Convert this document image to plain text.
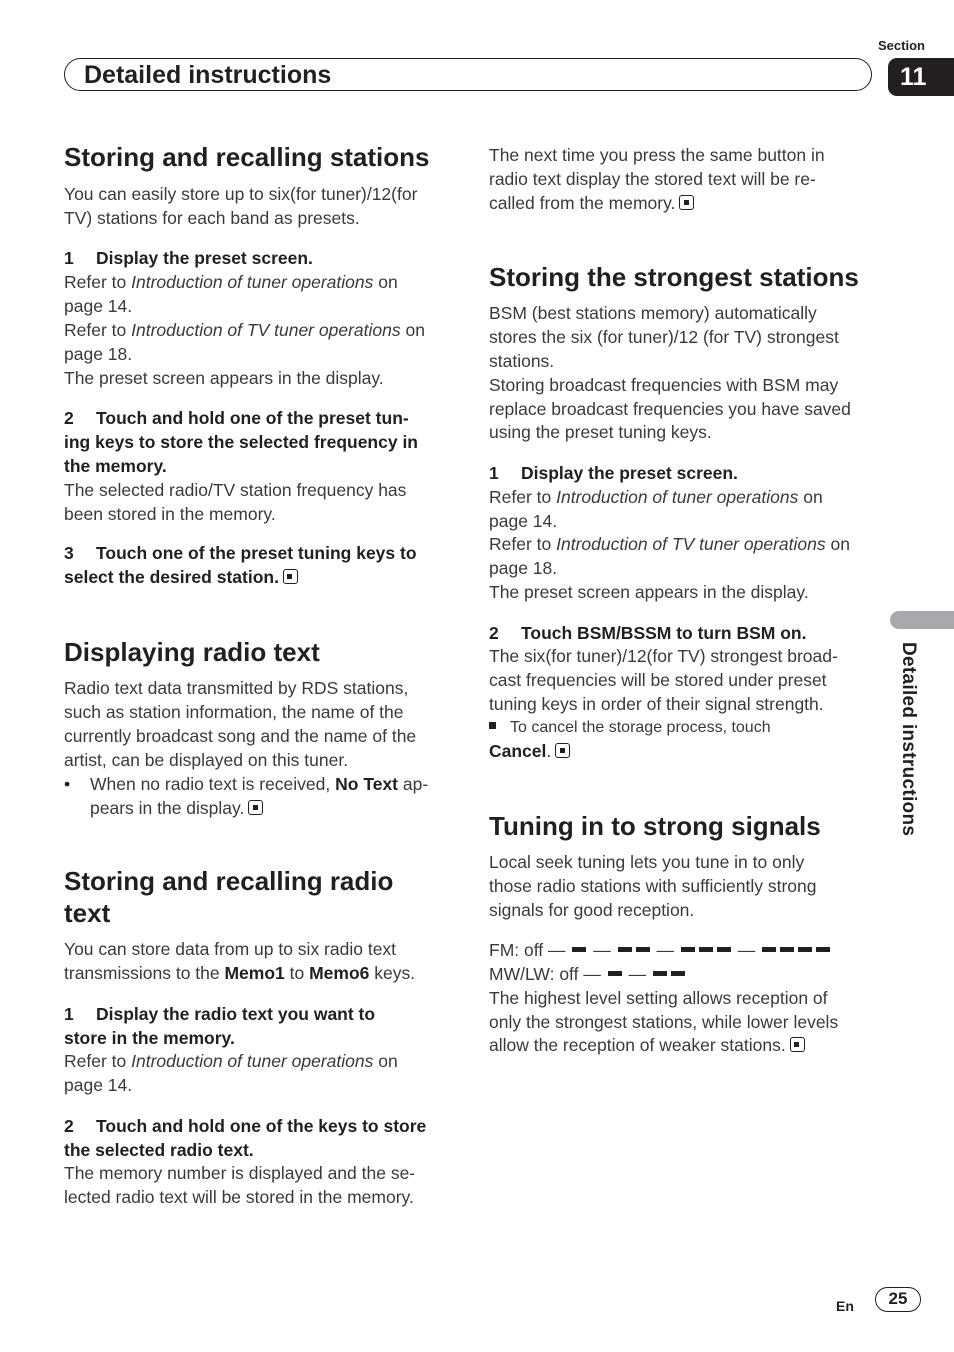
Detailed instructions
Section
11
Detailed instructions
Storing and recalling stations

You can easily store up to six(for tuner)/12(for

TV) stations for each band as presets.

1 Display the preset screen.

Refer to Introduction of tuner operations on

page 14.

Refer to Introduction of TV tuner operations on

page 18.

The preset screen appears in the display.

2 Touch and hold one of the preset tun-
ing keys to store the selected frequency in
the memory.

The selected radio/TV station frequency has

been stored in the memory.

3 Touch one of the preset tuning keys to
select the desired station.
Displaying radio text

Radio text data transmitted by RDS stations,

such as station information, the name of the

currently broadcast song and the name of the

artist, can be displayed on this tuner.

• When no radio text is received, No Text ap-

pears in the display.

Storing and recalling radio
text

You can store data from up to six radio text

transmissions to the Memo1 to Memo6 keys.

1 Display the radio text you want to
store in the memory.

Refer to Introduction of tuner operations on

page 14.

2 Touch and hold one of the keys to store
the selected radio text.

The memory number is displayed and the se-

lected radio text will be stored in the memory.

The next time you press the same button in

radio text display the stored text will be re-

called from the memory.

Storing the strongest stations

BSM (best stations memory) automatically

stores the six (for tuner)/12 (for TV) strongest

stations.

Storing broadcast frequencies with BSM may

replace broadcast frequencies you have saved

using the preset tuning keys.

1 Display the preset screen.

Refer to Introduction of tuner operations on

page 14.

Refer to Introduction of TV tuner operations on

page 18.

The preset screen appears in the display.

2 Touch BSM/BSSM to turn BSM on.

The six(for tuner)/12(for TV) strongest broad-

cast frequencies will be stored under preset

tuning keys in order of their signal strength.

To cancel the storage process, touch

Cancel.

Tuning in to strong signals

Local seek tuning lets you tune in to only

those radio stations with sufficiently strong

signals for good reception.

FM: off —  —  —	—
MW/LW: off —  —

The highest level setting allows reception of

only the strongest stations, while lower levels

allow the reception of weaker stations.

En	25
